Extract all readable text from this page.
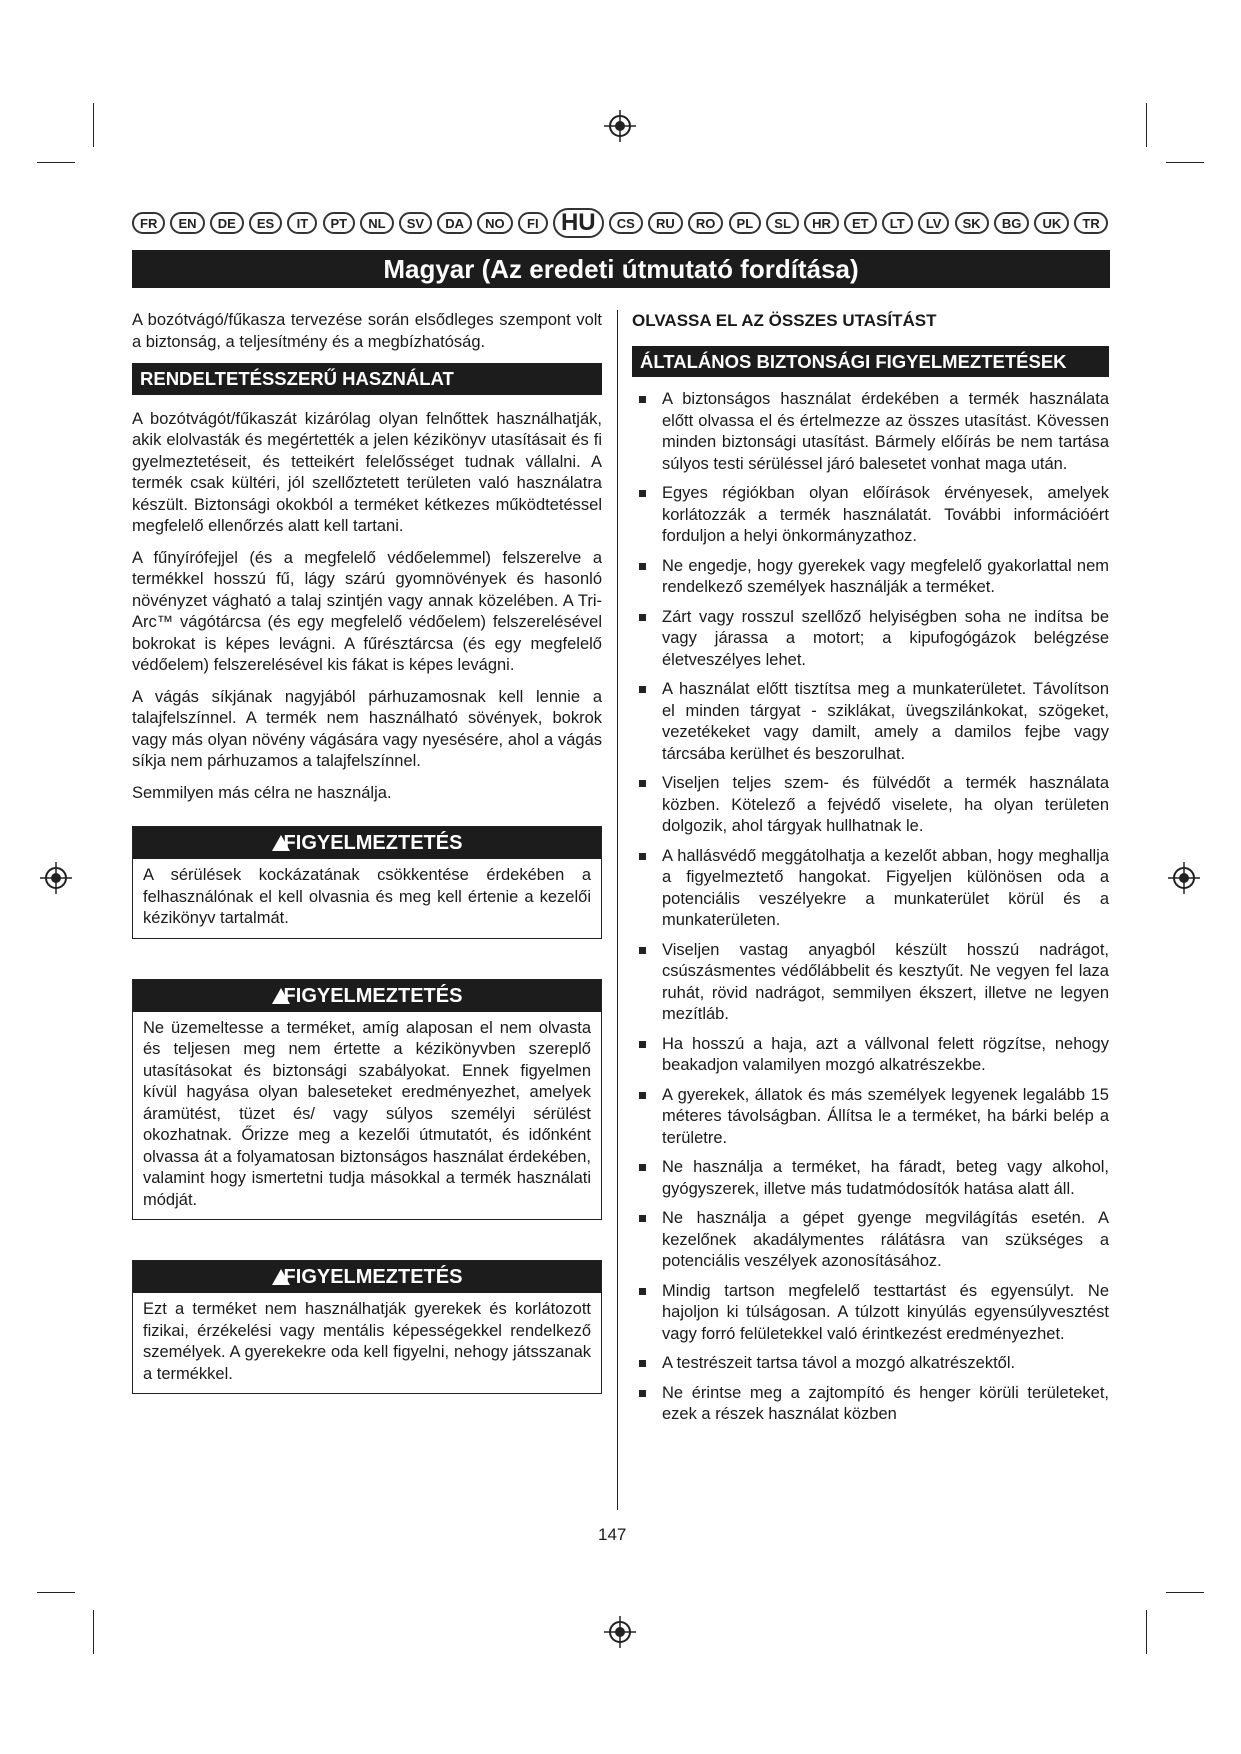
FR	EN	DE	ES	IT	PT	NL	SV	DA	NO	FI HU	CS	RU	RO	PL	SL	HR	ET	LT	LV	SK	BG	UK	TR
Magyar (Az eredeti útmutató fordítása)

A bozótvágó/fűkasza tervezése során elsődleges szempont volt a biztonság, a teljesítmény és a megbízhatóság.

RENDELTETÉSSZERŰ HASZNÁLAT

A bozótvágót/fűkaszát kizárólag olyan felnőttek használhatják, akik elolvasták és megértették a jelen kézikönyv utasításait és fi gyelmeztetéseit, és tetteikért felelősséget tudnak vállalni. A termék csak kültéri, jól szellőztetett területen való használatra készült. Biztonsági okokból a terméket kétkezes működtetéssel megfelelő ellenőrzés alatt kell tartani.

A fűnyírófejjel (és a megfelelő védőelemmel) felszerelve a termékkel hosszú fű, lágy szárú gyomnövények és hasonló növényzet vágható a talaj szintjén vagy annak közelében. A Tri-Arc™ vágótárcsa (és egy megfelelő védőelem) felszerelésével bokrokat is képes levágni. A fűrésztárcsa (és egy megfelelő védőelem) felszerelésével kis fákat is képes levágni.

A vágás síkjának nagyjából párhuzamosnak kell lennie a talajfelszínnel. A termék nem használható sövények, bokrok vagy más olyan növény vágására vagy nyesésére, ahol a vágás síkja nem párhuzamos a talajfelszínnel.

Semmilyen más célra ne használja.

FIGYELMEZTETÉS
A sérülések kockázatának csökkentése érdekében a felhasználónak el kell olvasnia és meg kell értenie a kezelői kézikönyv tartalmát.
FIGYELMEZTETÉS
Ne üzemeltesse a terméket, amíg alaposan el nem olvasta és teljesen meg nem értette a kézikönyvben szereplő utasításokat és biztonsági szabályokat. Ennek figyelmen kívül hagyása olyan baleseteket eredményezhet, amelyek áramütést, tüzet és/ vagy súlyos személyi sérülést okozhatnak. Őrizze meg a kezelői útmutatót, és időnként olvassa át a folyamatosan biztonságos használat érdekében, valamint hogy ismertetni tudja másokkal a termék használati módját.
FIGYELMEZTETÉS
Ezt a terméket nem használhatják gyerekek és korlátozott fizikai, érzékelési vagy mentális képességekkel rendelkező személyek. A gyerekekre oda kell figyelni, nehogy játsszanak a termékkel.
OLVASSA EL AZ ÖSSZES UTASÍTÁST
ÁLTALÁNOS BIZTONSÁGI FIGYELMEZTETÉSEK
A biztonságos használat érdekében a termék használata előtt olvassa el és értelmezze az összes utasítást. Kövessen minden biztonsági utasítást. Bármely előírás be nem tartása súlyos testi sérüléssel járó balesetet vonhat maga után.
Egyes régiókban olyan előírások érvényesek, amelyek korlátozzák a termék használatát. További információért forduljon a helyi önkormányzathoz.
Ne engedje, hogy gyerekek vagy megfelelő gyakorlattal nem rendelkező személyek használják a terméket.
Zárt vagy rosszul szellőző helyiségben soha ne indítsa be vagy járassa a motort; a kipufogógázok belégzése életveszélyes lehet.
A használat előtt tisztítsa meg a munkaterületet. Távolítson el minden tárgyat - sziklákat, üvegszilánkokat, szögeket, vezetékeket vagy damilt, amely a damilos fejbe vagy tárcsába kerülhet és beszorulhat.
Viseljen teljes szem- és fülvédőt a termék használata közben. Kötelező a fejvédő viselete, ha olyan területen dolgozik, ahol tárgyak hullhatnak le.
A hallásvédő meggátolhatja a kezelőt abban, hogy meghallja a figyelmeztető hangokat. Figyeljen különösen oda a potenciális veszélyekre a munkaterület körül és a munkaterületen.
Viseljen vastag anyagból készült hosszú nadrágot, csúszásmentes védőlábbelit és kesztyűt. Ne vegyen fel laza ruhát, rövid nadrágot, semmilyen ékszert, illetve ne legyen mezítláb.
Ha hosszú a haja, azt a vállvonal felett rögzítse, nehogy beakadjon valamilyen mozgó alkatrészekbe.
A gyerekek, állatok és más személyek legyenek legalább 15 méteres távolságban. Állítsa le a terméket, ha bárki belép a területre.
Ne használja a terméket, ha fáradt, beteg vagy alkohol, gyógyszerek, illetve más tudatmódosítók hatása alatt áll.
Ne használja a gépet gyenge megvilágítás esetén. A kezelőnek akadálymentes rálátásra van szükséges a potenciális veszélyek azonosításához.
Mindig tartson megfelelő testtartást és egyensúlyt. Ne hajoljon ki túlságosan. A túlzott kinyúlás egyensúlyvesztést vagy forró felületekkel való érintkezést eredményezhet.
A testrészeit tartsa távol a mozgó alkatrészektől.
Ne érintse meg a zajtompító és henger körüli területeket, ezek a részek használat közben
147
